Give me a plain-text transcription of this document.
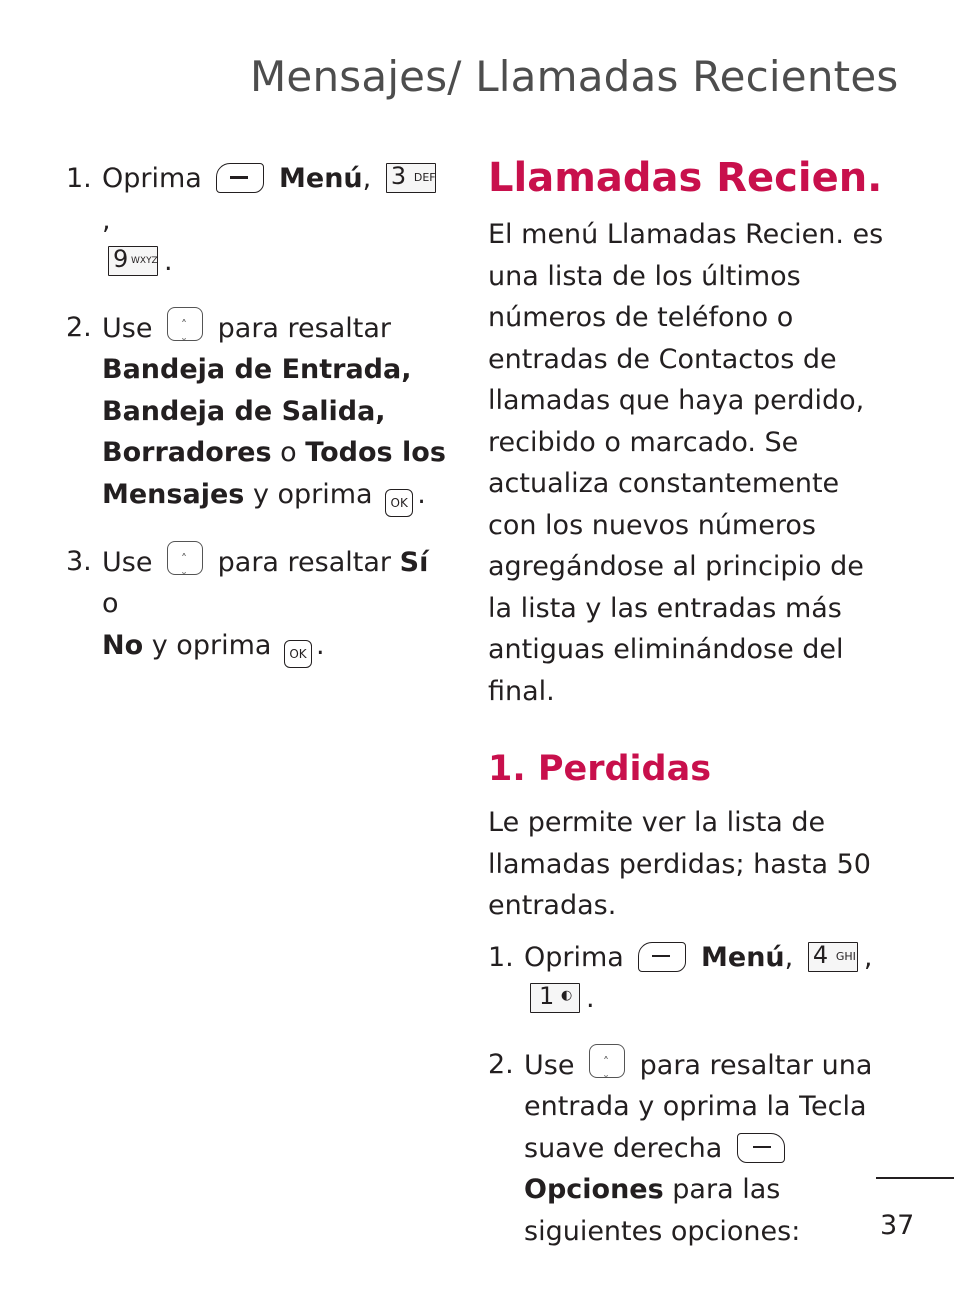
Mensajes/ Llamadas Recientes
1. Oprima	Menú, 3 DEF
,

9 WXYZ .
2. Use ˄ ˅ para resaltar
Bandeja de Entrada,
Bandeja de Salida,
Borradores o Todos los Mensajes y oprima OK .
3. Use ˄ ˅ para resaltar Sí o
No y oprima OK .
Llamadas Recien.

El menú Llamadas Recien. es una lista de los últimos números de teléfono o entradas de Contactos de llamadas que haya perdido, recibido o marcado. Se actualiza constantemente con los nuevos números agregándose al principio de la lista y las entradas más antiguas eliminándose del final.

1. Perdidas

Le permite ver la lista de llamadas perdidas; hasta 50 entradas.

1. Oprima	Menú, 4 GHI ,

1 ◐ .
2. Use ˄ ˅ para resaltar una entrada y oprima la Tecla suave derecha  Opciones para las siguientes opciones:	37
